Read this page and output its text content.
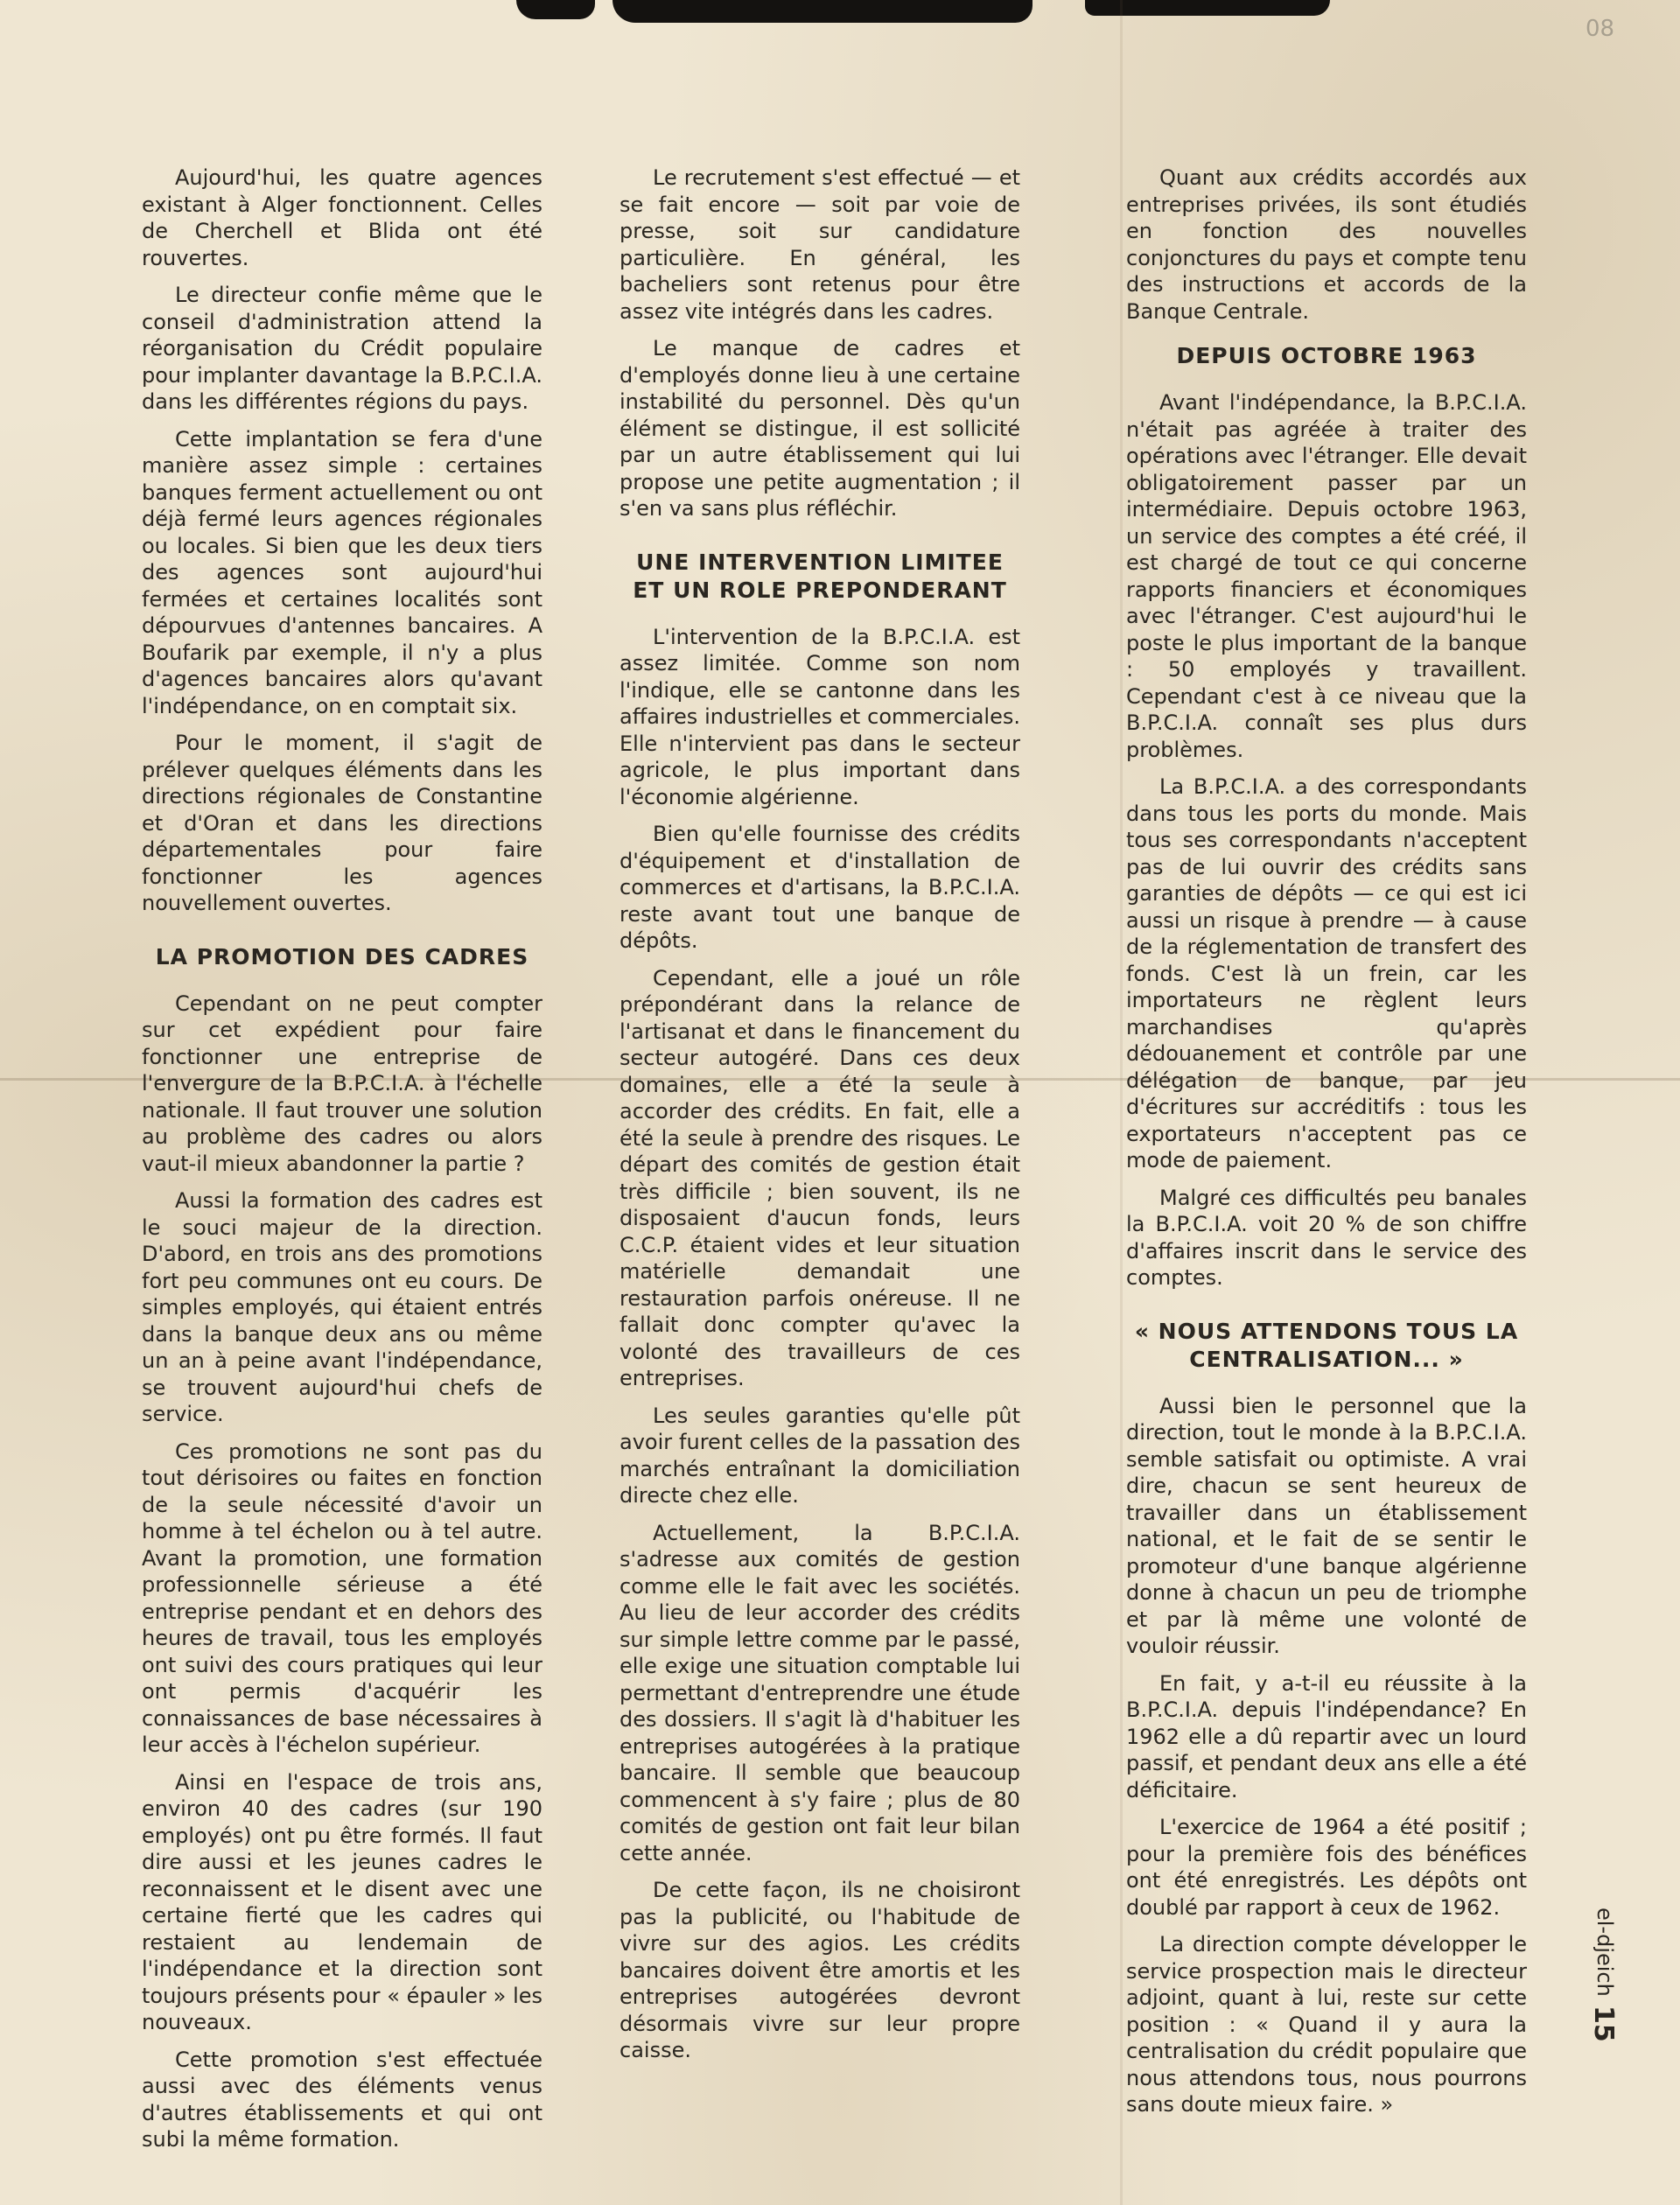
08

Aujourd'hui, les quatre agences existant à Alger fonctionnent. Celles de Cherchell et Blida ont été rouvertes.

Le directeur confie même que le conseil d'administration attend la réorganisation du Crédit populaire pour implanter davantage la B.P.C.I.A. dans les différentes régions du pays.

Cette implantation se fera d'une manière assez simple : certaines banques ferment actuellement ou ont déjà fermé leurs agences régionales ou locales. Si bien que les deux tiers des agences sont aujourd'hui fermées et certaines localités sont dépourvues d'antennes bancaires. A Boufarik par exemple, il n'y a plus d'agences bancaires alors qu'avant l'indépendance, on en comptait six.

Pour le moment, il s'agit de prélever quelques éléments dans les directions régionales de Constantine et d'Oran et dans les directions départementales pour faire fonctionner les agences nouvellement ouvertes.

LA PROMOTION DES CADRES

Cependant on ne peut compter sur cet expédient pour faire fonctionner une entreprise de l'envergure de la B.P.C.I.A. à l'échelle nationale. Il faut trouver une solution au problème des cadres ou alors vaut-il mieux abandonner la partie ?

Aussi la formation des cadres est le souci majeur de la direction. D'abord, en trois ans des promotions fort peu communes ont eu cours. De simples employés, qui étaient entrés dans la banque deux ans ou même un an à peine avant l'indépendance, se trouvent aujourd'hui chefs de service.

Ces promotions ne sont pas du tout dérisoires ou faites en fonction de la seule nécessité d'avoir un homme à tel échelon ou à tel autre. Avant la promotion, une formation professionnelle sérieuse a été entreprise pendant et en dehors des heures de travail, tous les employés ont suivi des cours pratiques qui leur ont permis d'acquérir les connaissances de base nécessaires à leur accès à l'échelon supérieur.

Ainsi en l'espace de trois ans, environ 40 des cadres (sur 190 employés) ont pu être formés. Il faut dire aussi et les jeunes cadres le reconnaissent et le disent avec une certaine fierté que les cadres qui restaient au lendemain de l'indépendance et la direction sont toujours présents pour « épauler » les nouveaux.

Cette promotion s'est effectuée aussi avec des éléments venus d'autres établissements et qui ont subi la même formation.

Le recrutement s'est effectué — et se fait encore — soit par voie de presse, soit sur candidature particulière. En général, les bacheliers sont retenus pour être assez vite intégrés dans les cadres.

Le manque de cadres et d'employés donne lieu à une certaine instabilité du personnel. Dès qu'un élément se distingue, il est sollicité par un autre établissement qui lui propose une petite augmentation ; il s'en va sans plus réfléchir.

UNE INTERVENTION LIMITEE ET UN ROLE PREPONDERANT

L'intervention de la B.P.C.I.A. est assez limitée. Comme son nom l'indique, elle se cantonne dans les affaires industrielles et commerciales. Elle n'intervient pas dans le secteur agricole, le plus important dans l'économie algérienne.

Bien qu'elle fournisse des crédits d'équipement et d'installation de commerces et d'artisans, la B.P.C.I.A. reste avant tout une banque de dépôts.

Cependant, elle a joué un rôle prépondérant dans la relance de l'artisanat et dans le financement du secteur autogéré. Dans ces deux domaines, elle a été la seule à accorder des crédits. En fait, elle a été la seule à prendre des risques. Le départ des comités de gestion était très difficile ; bien souvent, ils ne disposaient d'aucun fonds, leurs C.C.P. étaient vides et leur situation matérielle demandait une restauration parfois onéreuse. Il ne fallait donc compter qu'avec la volonté des travailleurs de ces entreprises.

Les seules garanties qu'elle pût avoir furent celles de la passation des marchés entraînant la domiciliation directe chez elle.

Actuellement, la B.P.C.I.A. s'adresse aux comités de gestion comme elle le fait avec les sociétés. Au lieu de leur accorder des crédits sur simple lettre comme par le passé, elle exige une situation comptable lui permettant d'entreprendre une étude des dossiers. Il s'agit là d'habituer les entreprises autogérées à la pratique bancaire. Il semble que beaucoup commencent à s'y faire ; plus de 80 comités de gestion ont fait leur bilan cette année.

De cette façon, ils ne choisiront pas la publicité, ou l'habitude de vivre sur des agios. Les crédits bancaires doivent être amortis et les entreprises autogérées devront désormais vivre sur leur propre caisse.

Quant aux crédits accordés aux entreprises privées, ils sont étudiés en fonction des nouvelles conjonctures du pays et compte tenu des instructions et accords de la Banque Centrale.

DEPUIS OCTOBRE 1963

Avant l'indépendance, la B.P.C.I.A. n'était pas agréée à traiter des opérations avec l'étranger. Elle devait obligatoirement passer par un intermédiaire. Depuis octobre 1963, un service des comptes a été créé, il est chargé de tout ce qui concerne rapports financiers et économiques avec l'étranger. C'est aujourd'hui le poste le plus important de la banque : 50 employés y travaillent. Cependant c'est à ce niveau que la B.P.C.I.A. connaît ses plus durs problèmes.

La B.P.C.I.A. a des correspondants dans tous les ports du monde. Mais tous ses correspondants n'acceptent pas de lui ouvrir des crédits sans garanties de dépôts — ce qui est ici aussi un risque à prendre — à cause de la réglementation de transfert des fonds. C'est là un frein, car les importateurs ne règlent leurs marchandises qu'après dédouanement et contrôle par une délégation de banque, par jeu d'écritures sur accréditifs : tous les exportateurs n'acceptent pas ce mode de paiement.

Malgré ces difficultés peu banales la B.P.C.I.A. voit 20 % de son chiffre d'affaires inscrit dans le service des comptes.

« NOUS ATTENDONS TOUS LA CENTRALISATION... »

Aussi bien le personnel que la direction, tout le monde à la B.P.C.I.A. semble satisfait ou optimiste. A vrai dire, chacun se sent heureux de travailler dans un établissement national, et le fait de se sentir le promoteur d'une banque algérienne donne à chacun un peu de triomphe et par là même une volonté de vouloir réussir.

En fait, y a-t-il eu réussite à la B.P.C.I.A. depuis l'indépendance? En 1962 elle a dû repartir avec un lourd passif, et pendant deux ans elle a été déficitaire.

L'exercice de 1964 a été positif ; pour la première fois des bénéfices ont été enregistrés. Les dépôts ont doublé par rapport à ceux de 1962.

La direction compte développer le service prospection mais le directeur adjoint, quant à lui, reste sur cette position : « Quand il y aura la centralisation du crédit populaire que nous attendons tous, nous pourrons sans doute mieux faire. »

el-djeich
15
